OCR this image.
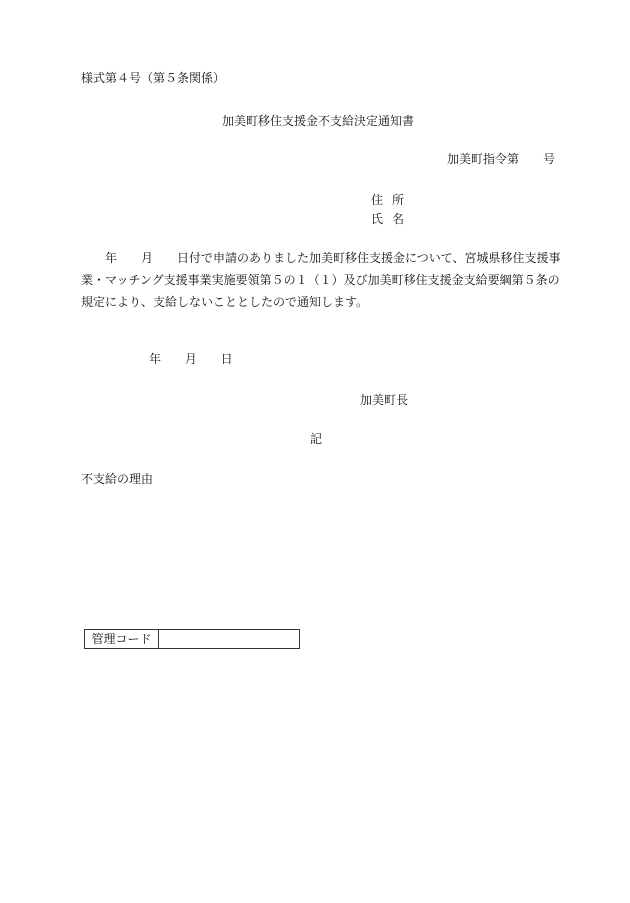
様式第４号（第５条関係）
加美町移住支援金不支給決定通知書
加美町指令第　　号
住所
氏名
　　年　　月　　日付で申請のありました加美町移住支援金について、宮城県移住支援事
業・マッチング支援事業実施要領第５の１（１）及び加美町移住支援金支給要綱第５条の
規定により、支給しないこととしたので通知します。
年 月 日
加美町長
記
不支給の理由
管理コード
